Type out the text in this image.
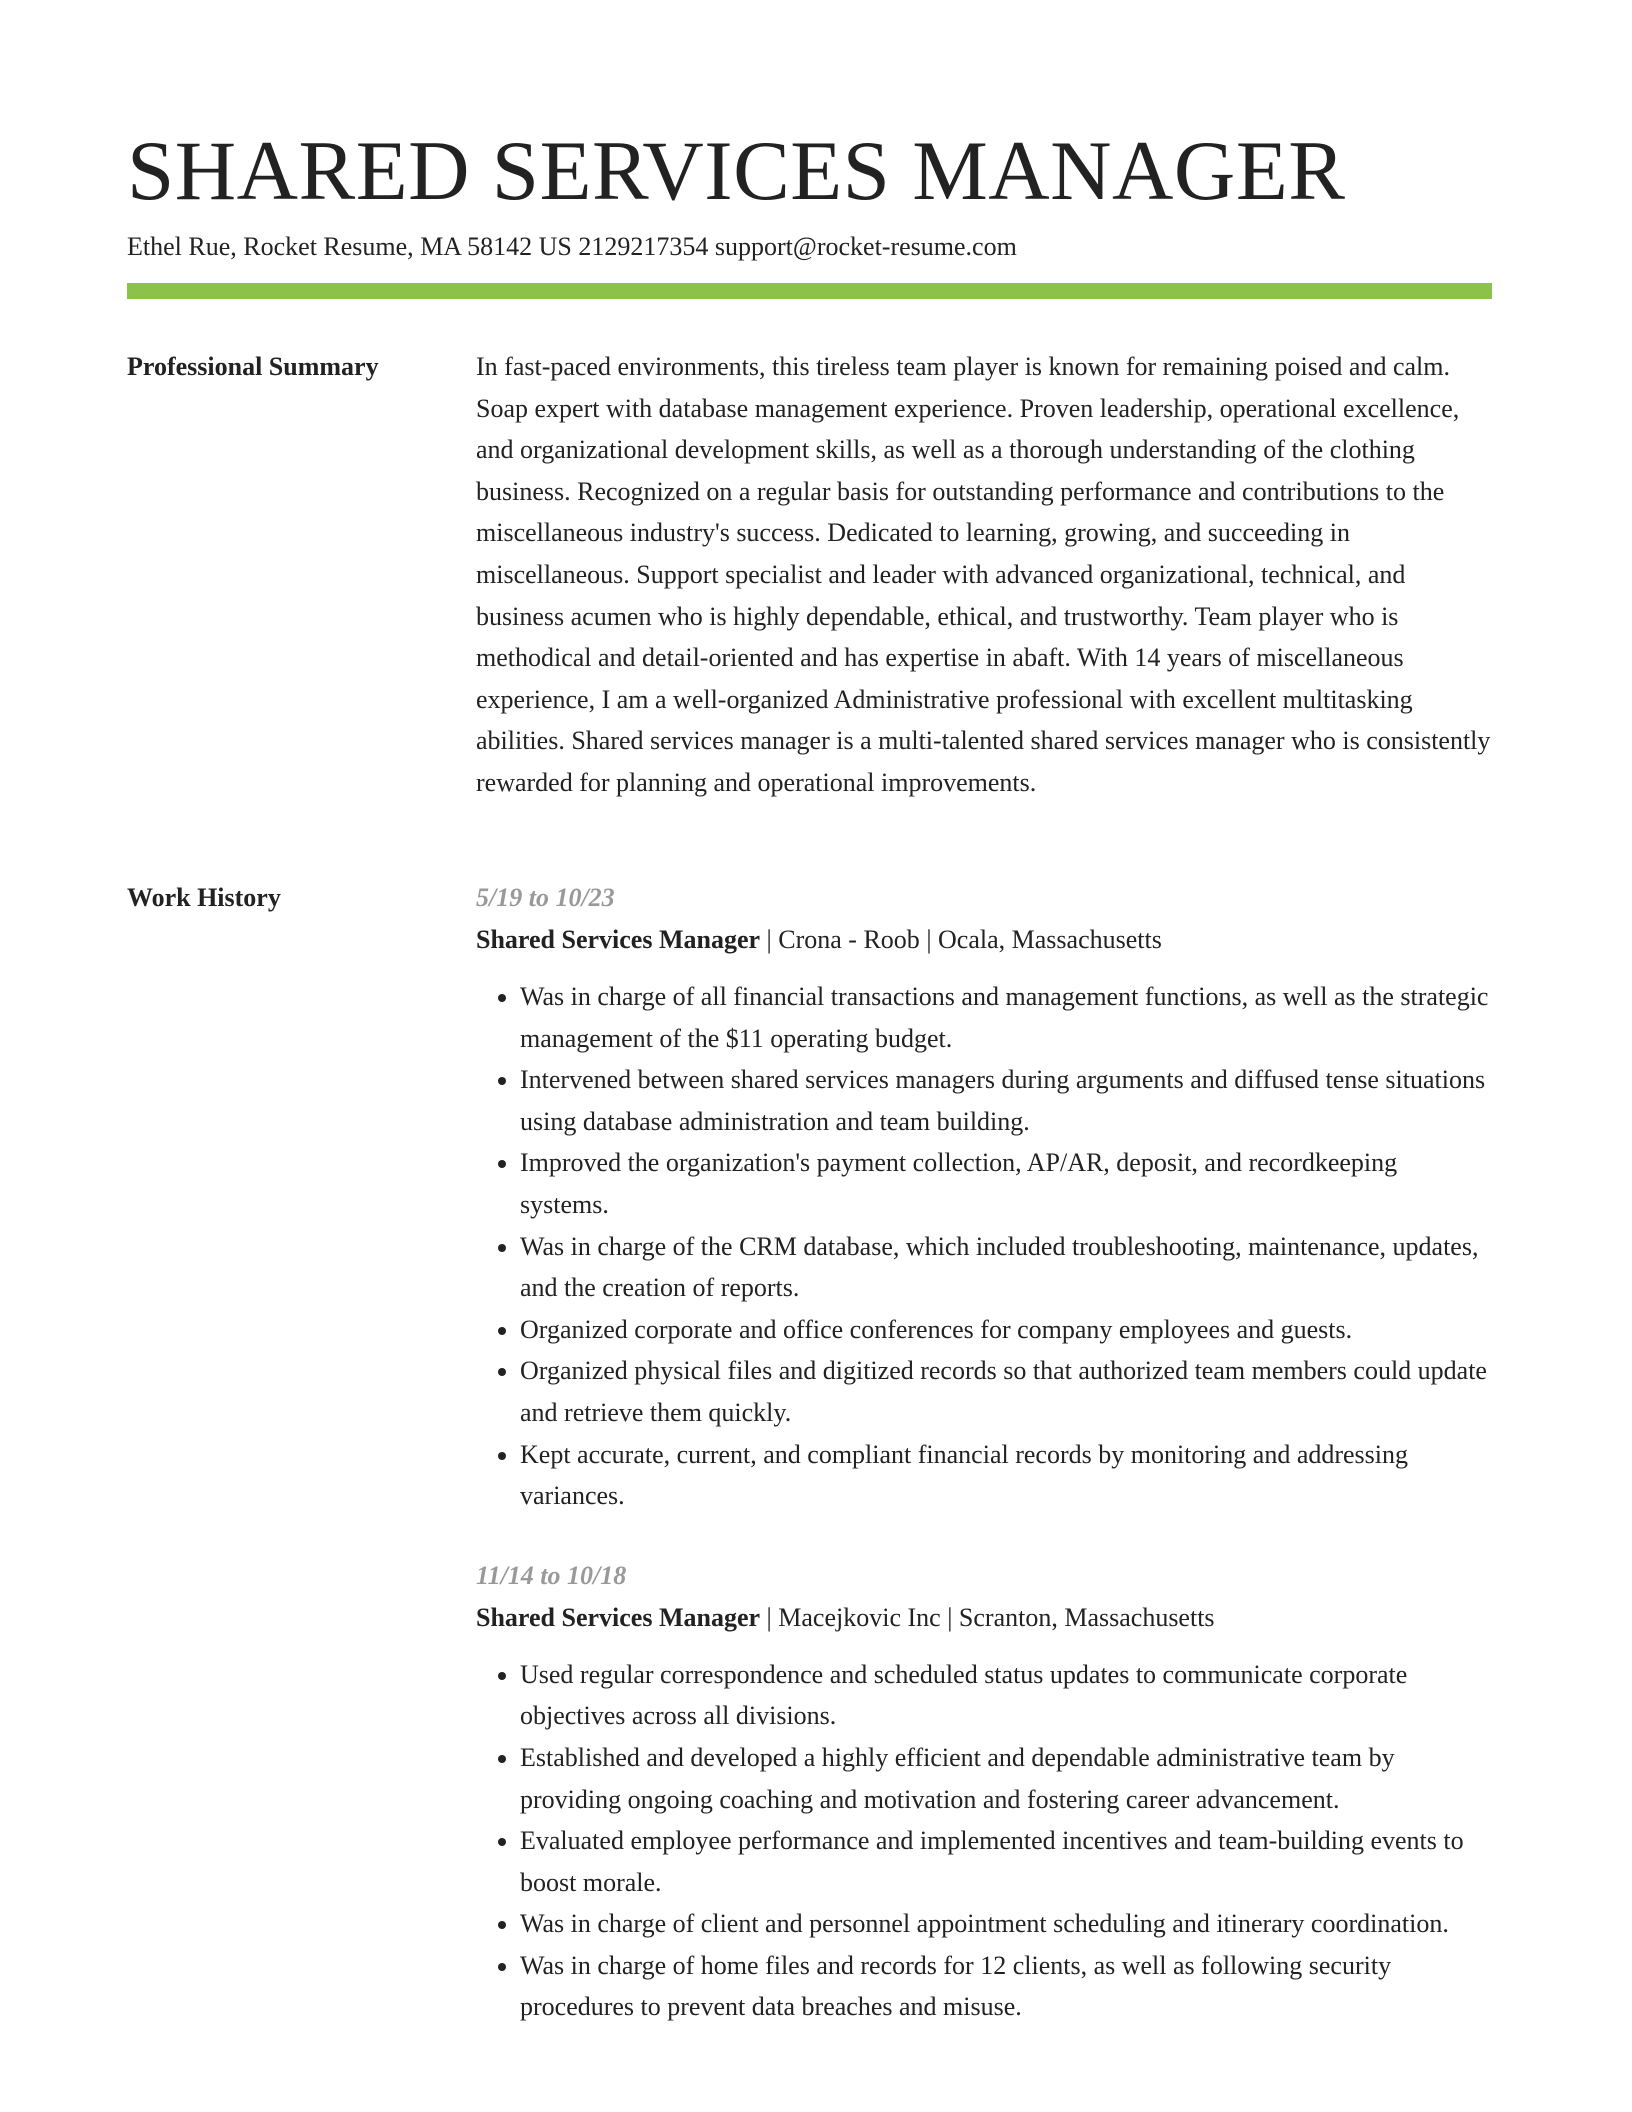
SHARED SERVICES MANAGER
Ethel Rue, Rocket Resume, MA 58142 US 2129217354 support@rocket-resume.com
Professional Summary	In fast-paced environments, this tireless team player is known for remaining poised and calm. Soap expert with database management experience. Proven leadership, operational excellence, and organizational development skills, as well as a thorough understanding of the clothing business. Recognized on a regular basis for outstanding performance and contributions to the miscellaneous industry's success. Dedicated to learning, growing, and succeeding in miscellaneous. Support specialist and leader with advanced organizational, technical, and business acumen who is highly dependable, ethical, and trustworthy. Team player who is methodical and detail-oriented and has expertise in abaft. With 14 years of miscellaneous experience, I am a well-organized Administrative professional with excellent multitasking abilities. Shared services manager is a multi-talented shared services manager who is consistently rewarded for planning and operational improvements.

Work History	5/19 to 10/23

Shared Services Manager | Crona - Roob | Ocala, Massachusetts

• Was in charge of all financial transactions and management functions, as well as the strategic management of the $11 operating budget.
• Intervened between shared services managers during arguments and diffused tense situations using database administration and team building.
• Improved the organization's payment collection, AP/AR, deposit, and recordkeeping systems.
• Was in charge of the CRM database, which included troubleshooting, maintenance, updates, and the creation of reports.
• Organized corporate and office conferences for company employees and guests.
• Organized physical files and digitized records so that authorized team members could update and retrieve them quickly.
• Kept accurate, current, and compliant financial records by monitoring and addressing variances.

11/14 to 10/18

Shared Services Manager | Macejkovic Inc | Scranton, Massachusetts

• Used regular correspondence and scheduled status updates to communicate corporate objectives across all divisions.
• Established and developed a highly efficient and dependable administrative team by providing ongoing coaching and motivation and fostering career advancement.
• Evaluated employee performance and implemented incentives and team-building events to boost morale.
• Was in charge of client and personnel appointment scheduling and itinerary coordination.
• Was in charge of home files and records for 12 clients, as well as following security procedures to prevent data breaches and misuse.
